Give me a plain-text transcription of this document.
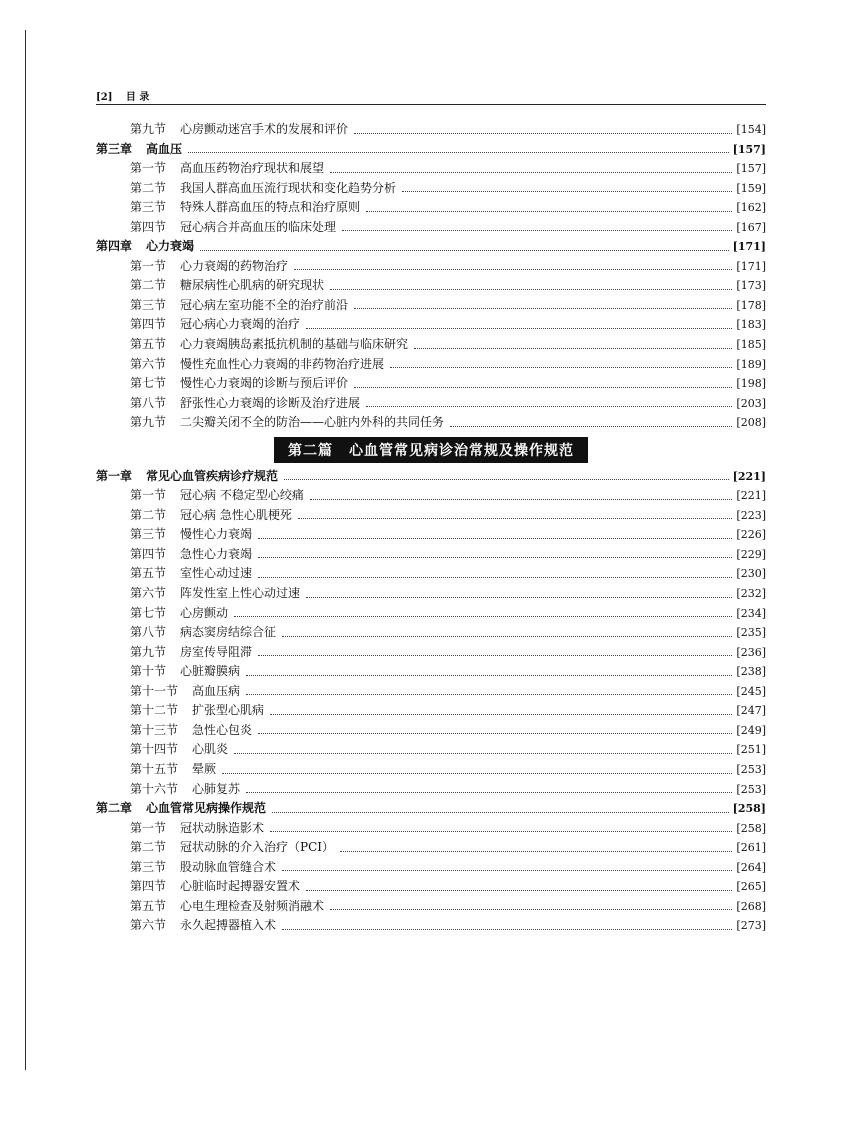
[2] 目 录
第九节 心房颤动迷宫手术的发展和评价	[154]
第三章 高血压	[157]
第一节 高血压药物治疗现状和展望	[157]
第二节 我国人群高血压流行现状和变化趋势分析	[159]
第三节 特殊人群高血压的特点和治疗原则	[162]
第四节 冠心病合并高血压的临床处理	[167]
第四章 心力衰竭	[171]
第一节 心力衰竭的药物治疗	[171]
第二节 糖尿病性心肌病的研究现状	[173]
第三节 冠心病左室功能不全的治疗前沿	[178]
第四节 冠心病心力衰竭的治疗	[183]
第五节 心力衰竭胰岛素抵抗机制的基础与临床研究	[185]
第六节 慢性充血性心力衰竭的非药物治疗进展	[189]
第七节 慢性心力衰竭的诊断与预后评价	[198]
第八节 舒张性心力衰竭的诊断及治疗进展	[203]
第九节 二尖瓣关闭不全的防治——心脏内外科的共同任务	[208]
第二篇 心血管常见病诊治常规及操作规范
第一章 常见心血管疾病诊疗规范	[221]
第一节 冠心病 不稳定型心绞痛	[221]
第二节 冠心病 急性心肌梗死	[223]
第三节 慢性心力衰竭	[226]
第四节 急性心力衰竭	[229]
第五节 室性心动过速	[230]
第六节 阵发性室上性心动过速	[232]
第七节 心房颤动	[234]
第八节 病态窦房结综合征	[235]
第九节 房室传导阻滞	[236]
第十节 心脏瓣膜病	[238]
第十一节 高血压病	[245]
第十二节 扩张型心肌病	[247]
第十三节 急性心包炎	[249]
第十四节 心肌炎	[251]
第十五节 晕厥	[253]
第十六节 心肺复苏	[253]
第二章 心血管常见病操作规范	[258]
第一节 冠状动脉造影术	[258]
第二节 冠状动脉的介入治疗（PCI）	[261]
第三节 股动脉血管缝合术	[264]
第四节 心脏临时起搏器安置术	[265]
第五节 心电生理检查及射频消融术	[268]
第六节 永久起搏器植入术	[273]
